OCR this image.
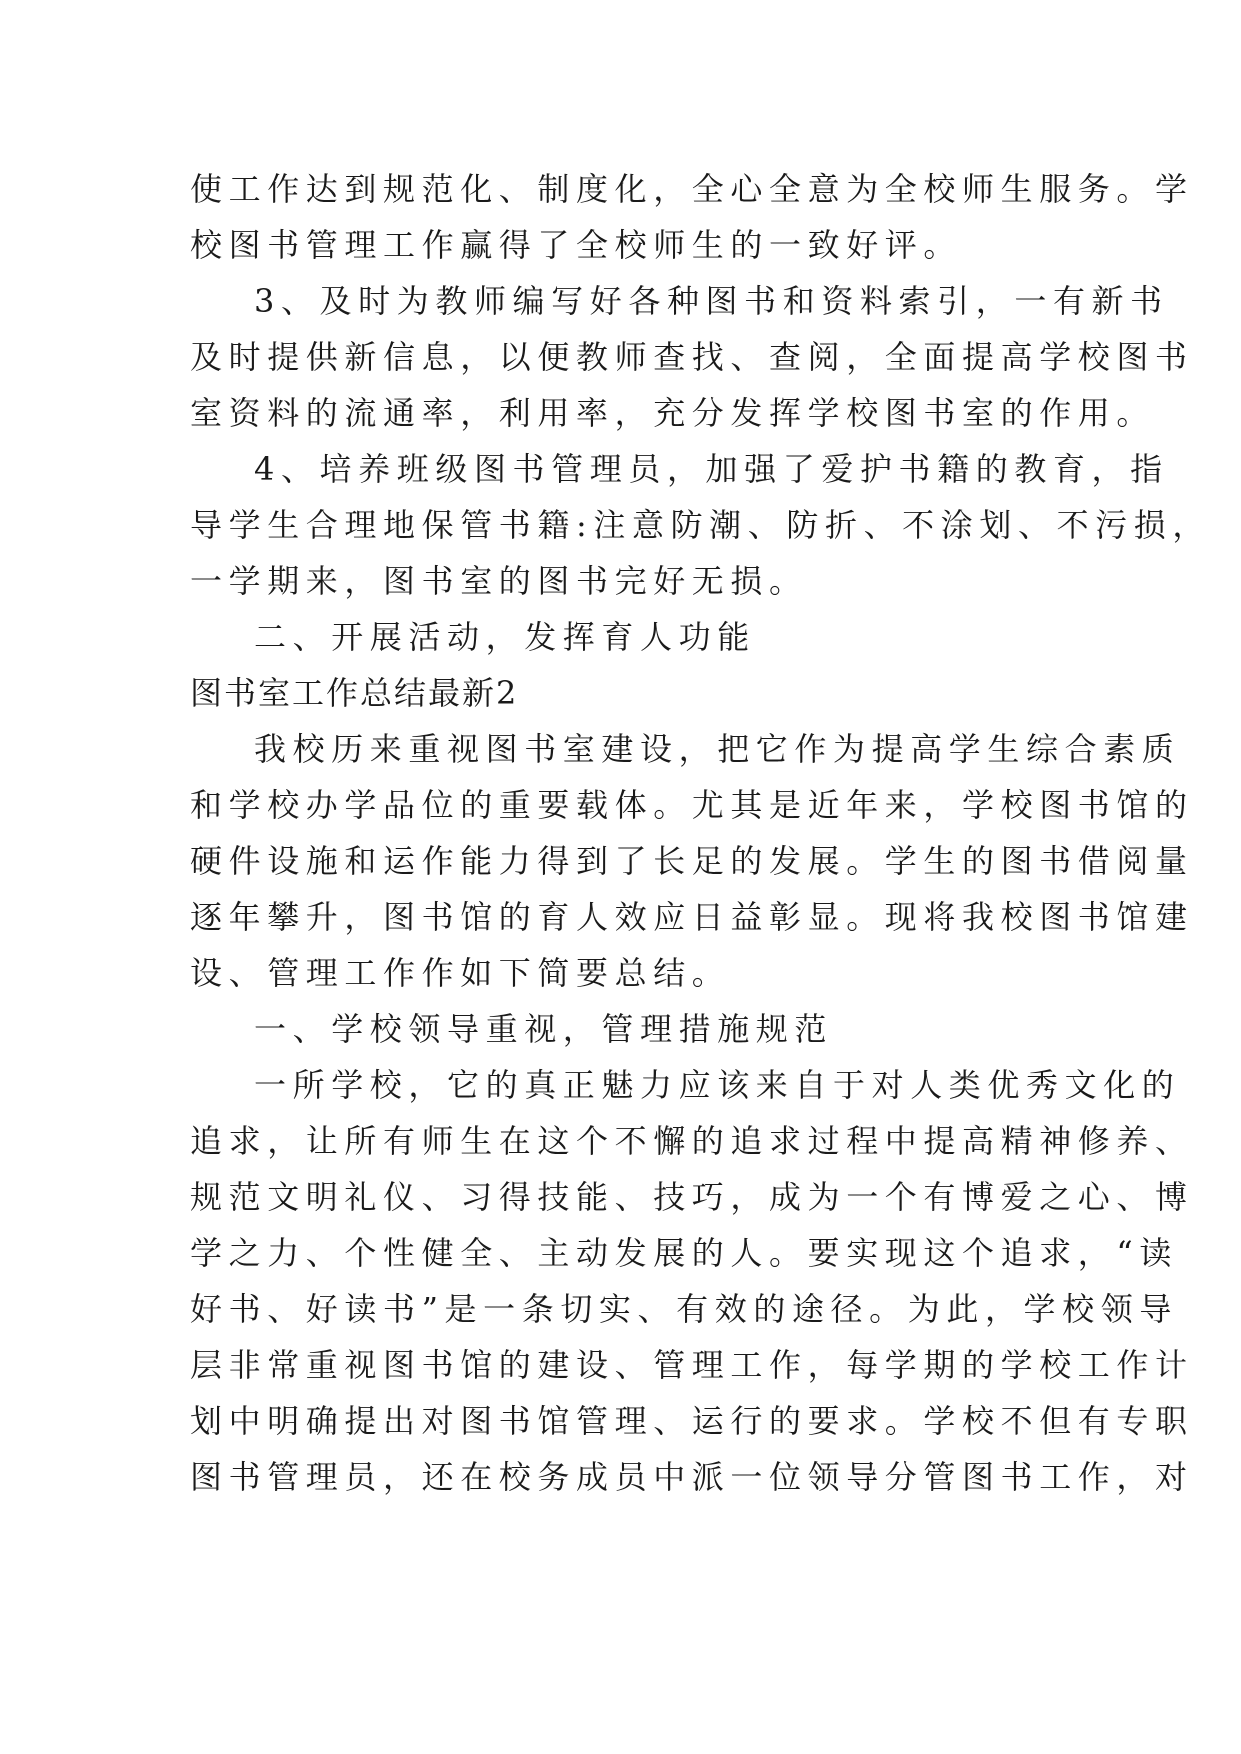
使工作达到规范化、制度化，全心全意为全校师生服务。学

校图书管理工作赢得了全校师生的一致好评。

3、及时为教师编写好各种图书和资料索引，一有新书

及时提供新信息，以便教师查找、查阅，全面提高学校图书

室资料的流通率，利用率，充分发挥学校图书室的作用。

4、培养班级图书管理员，加强了爱护书籍的教育，指

导学生合理地保管书籍:注意防潮、防折、不涂划、不污损，

一学期来，图书室的图书完好无损。

二、开展活动，发挥育人功能

图书室工作总结最新2

我校历来重视图书室建设，把它作为提高学生综合素质

和学校办学品位的重要载体。尤其是近年来，学校图书馆的

硬件设施和运作能力得到了长足的发展。学生的图书借阅量

逐年攀升，图书馆的育人效应日益彰显。现将我校图书馆建

设、管理工作作如下简要总结。

一、学校领导重视，管理措施规范

一所学校，它的真正魅力应该来自于对人类优秀文化的

追求，让所有师生在这个不懈的追求过程中提高精神修养、

规范文明礼仪、习得技能、技巧，成为一个有博爱之心、博

学之力、个性健全、主动发展的人。要实现这个追求，“读

好书、好读书”是一条切实、有效的途径。为此，学校领导

层非常重视图书馆的建设、管理工作，每学期的学校工作计

划中明确提出对图书馆管理、运行的要求。学校不但有专职

图书管理员，还在校务成员中派一位领导分管图书工作，对
